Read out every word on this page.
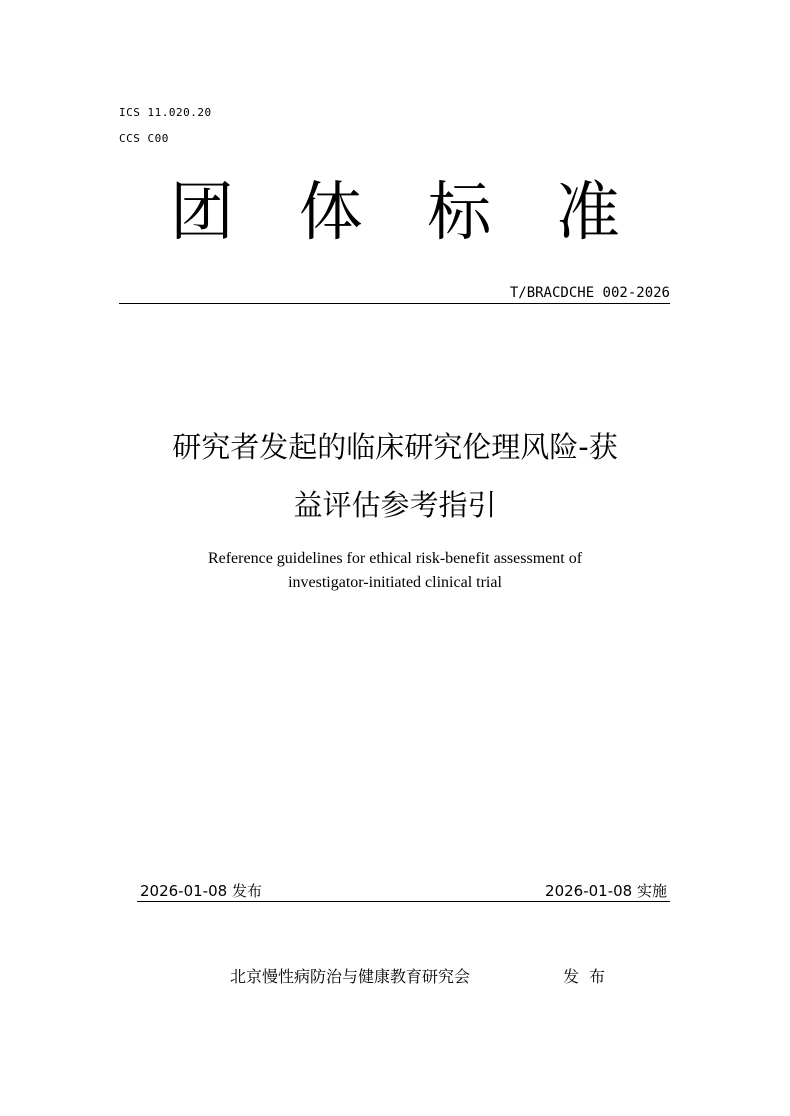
ICS 11.020.20
CCS C00
团 体 标 准
T/BRACDCHE 002-2026
研究者发起的临床研究伦理风险-获
益评估参考指引
Reference guidelines for ethical risk-benefit assessment of
investigator-initiated clinical trial
2026-01-08 发布	2026-01-08 实施
北京慢性病防治与健康教育研究会	发布
